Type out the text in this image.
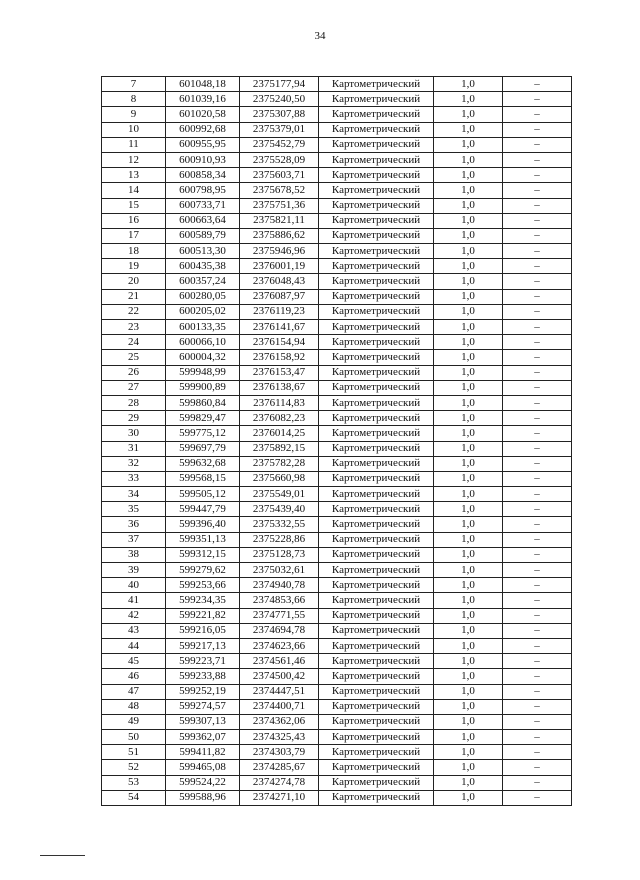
34
7	601048,18	2375177,94	Картометрический	1,0	–
8	601039,16	2375240,50	Картометрический	1,0	–
9	601020,58	2375307,88	Картометрический	1,0	–
10	600992,68	2375379,01	Картометрический	1,0	–
11	600955,95	2375452,79	Картометрический	1,0	–
12	600910,93	2375528,09	Картометрический	1,0	–
13	600858,34	2375603,71	Картометрический	1,0	–
14	600798,95	2375678,52	Картометрический	1,0	–
15	600733,71	2375751,36	Картометрический	1,0	–
16	600663,64	2375821,11	Картометрический	1,0	–
17	600589,79	2375886,62	Картометрический	1,0	–
18	600513,30	2375946,96	Картометрический	1,0	–
19	600435,38	2376001,19	Картометрический	1,0	–
20	600357,24	2376048,43	Картометрический	1,0	–
21	600280,05	2376087,97	Картометрический	1,0	–
22	600205,02	2376119,23	Картометрический	1,0	–
23	600133,35	2376141,67	Картометрический	1,0	–
24	600066,10	2376154,94	Картометрический	1,0	–
25	600004,32	2376158,92	Картометрический	1,0	–
26	599948,99	2376153,47	Картометрический	1,0	–
27	599900,89	2376138,67	Картометрический	1,0	–
28	599860,84	2376114,83	Картометрический	1,0	–
29	599829,47	2376082,23	Картометрический	1,0	–
30	599775,12	2376014,25	Картометрический	1,0	–
31	599697,79	2375892,15	Картометрический	1,0	–
32	599632,68	2375782,28	Картометрический	1,0	–
33	599568,15	2375660,98	Картометрический	1,0	–
34	599505,12	2375549,01	Картометрический	1,0	–
35	599447,79	2375439,40	Картометрический	1,0	–
36	599396,40	2375332,55	Картометрический	1,0	–
37	599351,13	2375228,86	Картометрический	1,0	–
38	599312,15	2375128,73	Картометрический	1,0	–
39	599279,62	2375032,61	Картометрический	1,0	–
40	599253,66	2374940,78	Картометрический	1,0	–
41	599234,35	2374853,66	Картометрический	1,0	–
42	599221,82	2374771,55	Картометрический	1,0	–
43	599216,05	2374694,78	Картометрический	1,0	–
44	599217,13	2374623,66	Картометрический	1,0	–
45	599223,71	2374561,46	Картометрический	1,0	–
46	599233,88	2374500,42	Картометрический	1,0	–
47	599252,19	2374447,51	Картометрический	1,0	–
48	599274,57	2374400,71	Картометрический	1,0	–
49	599307,13	2374362,06	Картометрический	1,0	–
50	599362,07	2374325,43	Картометрический	1,0	–
51	599411,82	2374303,79	Картометрический	1,0	–
52	599465,08	2374285,67	Картометрический	1,0	–
53	599524,22	2374274,78	Картометрический	1,0	–
54	599588,96	2374271,10	Картометрический	1,0	–
